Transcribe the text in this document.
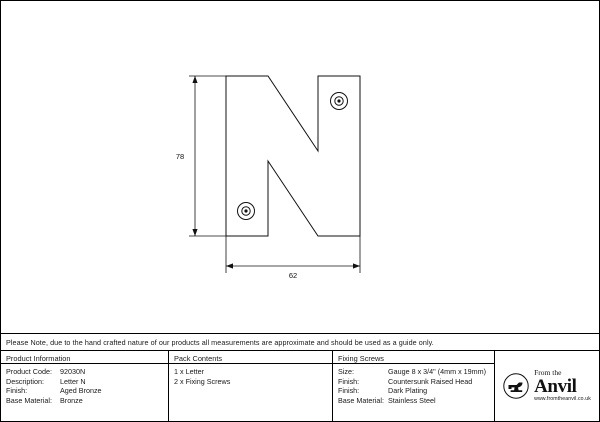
78
62
Please Note, due to the hand crafted nature of our products all measurements are approximate and should be used as a guide only.
Product Information
Product Code:	92030N
Description:	Letter N
Finish:	Aged Bronze
Base Material:	Bronze
Pack Contents
1 x Letter
2 x Fixing Screws
Fixing Screws
Size:	Gauge 8 x 3/4" (4mm x 19mm)
Finish:	Countersunk Raised Head
Finish:	Dark Plating
Base Material: Stainless Steel
From the
Anvil
www.fromtheanvil.co.uk
